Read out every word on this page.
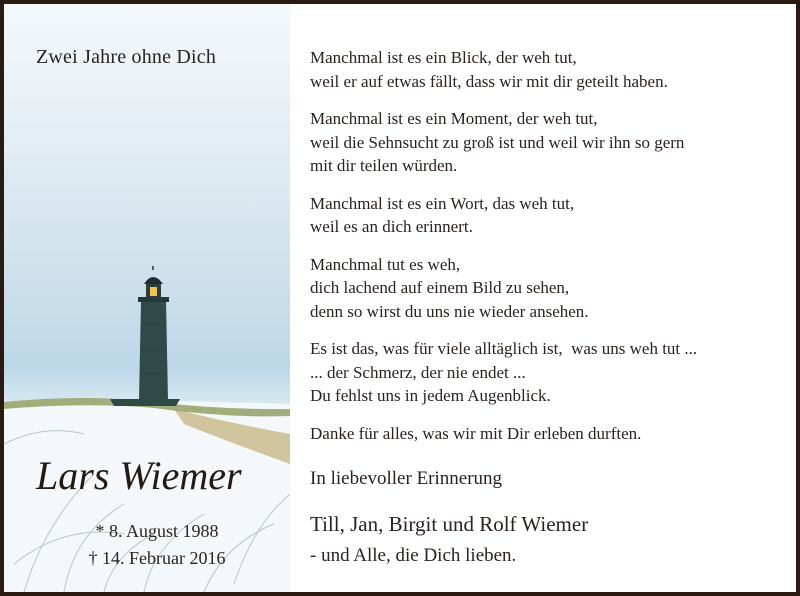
Zwei Jahre ohne Dich
Lars Wiemer
* 8. August 1988
† 14. Februar 2016

Manchmal ist es ein Blick, der weh tut,
weil er auf etwas fällt, dass wir mit dir geteilt haben.

Manchmal ist es ein Moment, der weh tut,
weil die Sehnsucht zu groß ist und weil wir ihn so gern
mit dir teilen würden.

Manchmal ist es ein Wort, das weh tut,
weil es an dich erinnert.

Manchmal tut es weh,
dich lachend auf einem Bild zu sehen,
denn so wirst du uns nie wieder ansehen.

Es ist das, was für viele alltäglich ist,  was uns weh tut ...
... der Schmerz, der nie endet ...
Du fehlst uns in jedem Augenblick.

Danke für alles, was wir mit Dir erleben durften.

In liebevoller Erinnerung
Till, Jan, Birgit und Rolf Wiemer
- und Alle, die Dich lieben.
